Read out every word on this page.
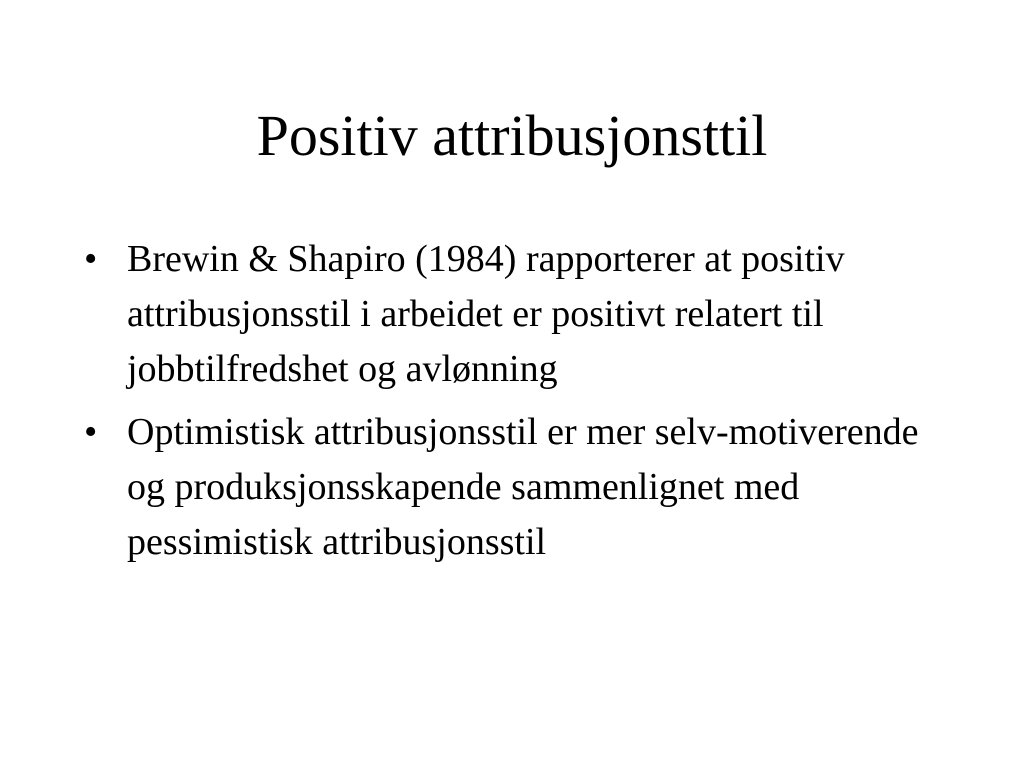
Positiv attribusjonsttil
• Brewin & Shapiro (1984) rapporterer at positiv attribusjonsstil i arbeidet er positivt relatert til jobbtilfredshet og avlønning
• Optimistisk attribusjonsstil er mer selv-motiverende og produksjonsskapende sammenlignet med pessimistisk attribusjonsstil
